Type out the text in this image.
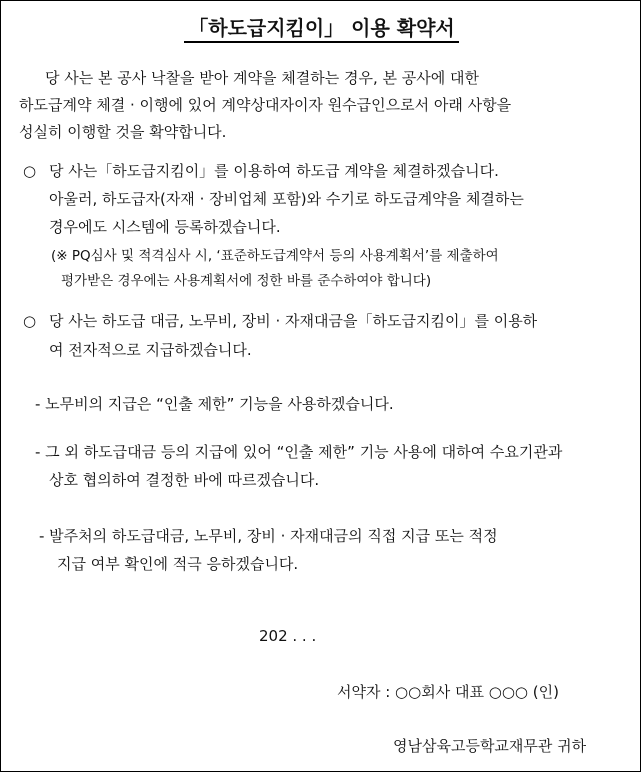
「하도급지킴이」 이용 확약서
당 사는 본 공사 낙찰을 받아 계약을 체결하는 경우, 본 공사에 대한
하도급계약 체결 · 이행에 있어 계약상대자이자 원수급인으로서 아래 사항을
성실히 이행할 것을 확약합니다.
○ 당 사는「하도급지킴이」를 이용하여 하도급 계약을 체결하겠습니다.
아울러, 하도급자(자재 · 장비업체 포함)와 수기로 하도급계약을 체결하는
경우에도 시스템에 등록하겠습니다.
(※ PQ심사 및 적격심사 시, ‘표준하도급계약서 등의 사용계획서’를 제출하여
평가받은 경우에는 사용계획서에 정한 바를 준수하여야 합니다)
○ 당 사는 하도급 대금, 노무비, 장비 · 자재대금을「하도급지킴이」를 이용하
여 전자적으로 지급하겠습니다.
- 노무비의 지급은 “인출 제한” 기능을 사용하겠습니다.
- 그 외 하도급대금 등의 지급에 있어 “인출 제한” 기능 사용에 대하여 수요기관과
상호 협의하여 결정한 바에 따르겠습니다.
- 발주처의 하도급대금, 노무비, 장비 · 자재대금의 직접 지급 또는 적정
지급 여부 확인에 적극 응하겠습니다.
202 . . .
서약자 : ○○회사 대표 ○○○ (인)
영남삼육고등학교재무관 귀하
